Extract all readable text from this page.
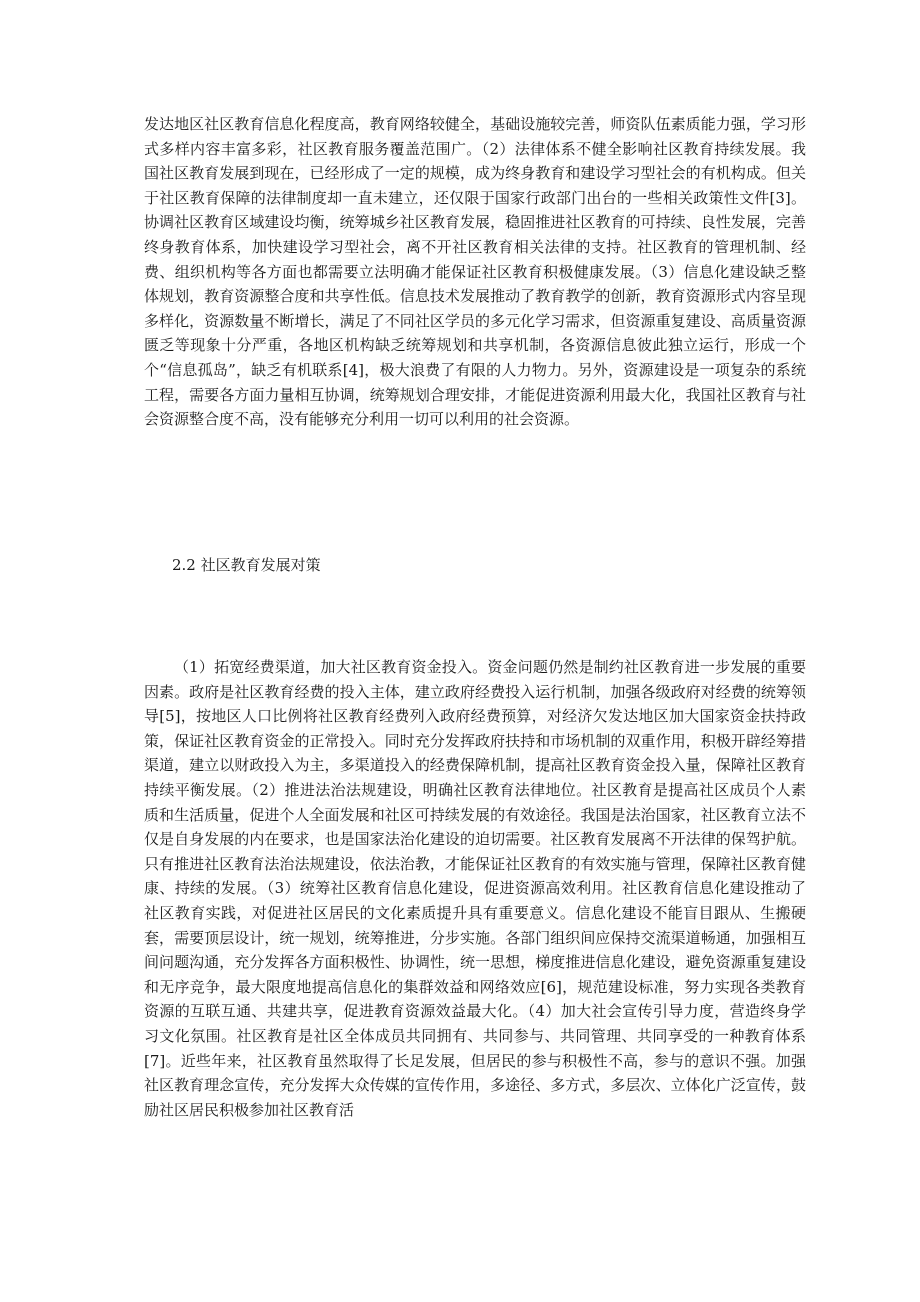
发达地区社区教育信息化程度高，教育网络较健全，基础设施较完善，师资队伍素质能力强，学习形式多样内容丰富多彩，社区教育服务覆盖范围广。（2）法律体系不健全影响社区教育持续发展。我国社区教育发展到现在，已经形成了一定的规模，成为终身教育和建设学习型社会的有机构成。但关于社区教育保障的法律制度却一直未建立，还仅限于国家行政部门出台的一些相关政策性文件[3]。协调社区教育区域建设均衡，统筹城乡社区教育发展，稳固推进社区教育的可持续、良性发展，完善终身教育体系，加快建设学习型社会，离不开社区教育相关法律的支持。社区教育的管理机制、经费、组织机构等各方面也都需要立法明确才能保证社区教育积极健康发展。（3）信息化建设缺乏整体规划，教育资源整合度和共享性低。信息技术发展推动了教育教学的创新，教育资源形式内容呈现多样化，资源数量不断增长，满足了不同社区学员的多元化学习需求，但资源重复建设、高质量资源匮乏等现象十分严重，各地区机构缺乏统筹规划和共享机制，各资源信息彼此独立运行，形成一个个“信息孤岛”，缺乏有机联系[4]，极大浪费了有限的人力物力。另外，资源建设是一项复杂的系统工程，需要各方面力量相互协调，统筹规划合理安排，才能促进资源利用最大化，我国社区教育与社会资源整合度不高，没有能够充分利用一切可以利用的社会资源。

2.2 社区教育发展对策

（1）拓宽经费渠道，加大社区教育资金投入。资金问题仍然是制约社区教育进一步发展的重要因素。政府是社区教育经费的投入主体，建立政府经费投入运行机制，加强各级政府对经费的统筹领导[5]，按地区人口比例将社区教育经费列入政府经费预算，对经济欠发达地区加大国家资金扶持政策，保证社区教育资金的正常投入。同时充分发挥政府扶持和市场机制的双重作用，积极开辟经筹措渠道，建立以财政投入为主，多渠道投入的经费保障机制，提高社区教育资金投入量，保障社区教育持续平衡发展。（2）推进法治法规建设，明确社区教育法律地位。社区教育是提高社区成员个人素质和生活质量，促进个人全面发展和社区可持续发展的有效途径。我国是法治国家，社区教育立法不仅是自身发展的内在要求，也是国家法治化建设的迫切需要。社区教育发展离不开法律的保驾护航。只有推进社区教育法治法规建设，依法治教，才能保证社区教育的有效实施与管理，保障社区教育健康、持续的发展。（3）统筹社区教育信息化建设，促进资源高效利用。社区教育信息化建设推动了社区教育实践，对促进社区居民的文化素质提升具有重要意义。信息化建设不能盲目跟从、生搬硬套，需要顶层设计，统一规划，统筹推进，分步实施。各部门组织间应保持交流渠道畅通，加强相互间问题沟通，充分发挥各方面积极性、协调性，统一思想，梯度推进信息化建设，避免资源重复建设和无序竞争，最大限度地提高信息化的集群效益和网络效应[6]，规范建设标准，努力实现各类教育资源的互联互通、共建共享，促进教育资源效益最大化。（4）加大社会宣传引导力度，营造终身学习文化氛围。社区教育是社区全体成员共同拥有、共同参与、共同管理、共同享受的一种教育体系[7]。近些年来，社区教育虽然取得了长足发展，但居民的参与积极性不高，参与的意识不强。加强社区教育理念宣传，充分发挥大众传媒的宣传作用，多途径、多方式，多层次、立体化广泛宣传，鼓励社区居民积极参加社区教育活
